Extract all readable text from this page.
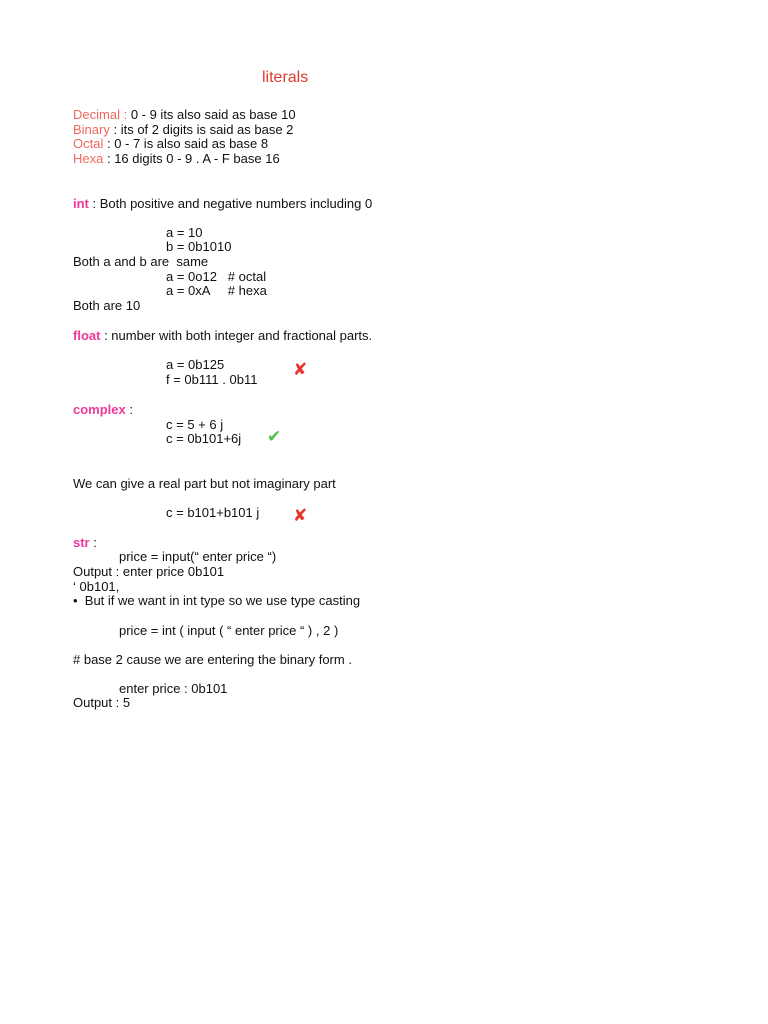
literals
Decimal : 0 - 9 its also said as base 10
Binary : its of 2 digits is said as base 2
Octal : 0 - 7 is also said as base 8
Hexa : 16 digits 0 - 9 . A - F base 16
int : Both positive and negative numbers including 0
a = 10
b = 0b1010
Both a and b are  same
a = 0o12   # octal
a = 0xA     # hexa
Both are 10
float : number with both integer and fractional parts.
a = 0b125
f = 0b111 . 0b11
✘
complex :
c = 5 + 6 j
c = 0b101+6j ✔
We can give a real part but not imaginary part
c = b101+b101 j ✘
str :
price = input(“ enter price “)
Output : enter price 0b101
‘ 0b101,
•  But if we want in int type so we use type casting
price = int ( input ( “ enter price “ ) , 2 )
# base 2 cause we are entering the binary form .
enter price : 0b101
Output : 5
